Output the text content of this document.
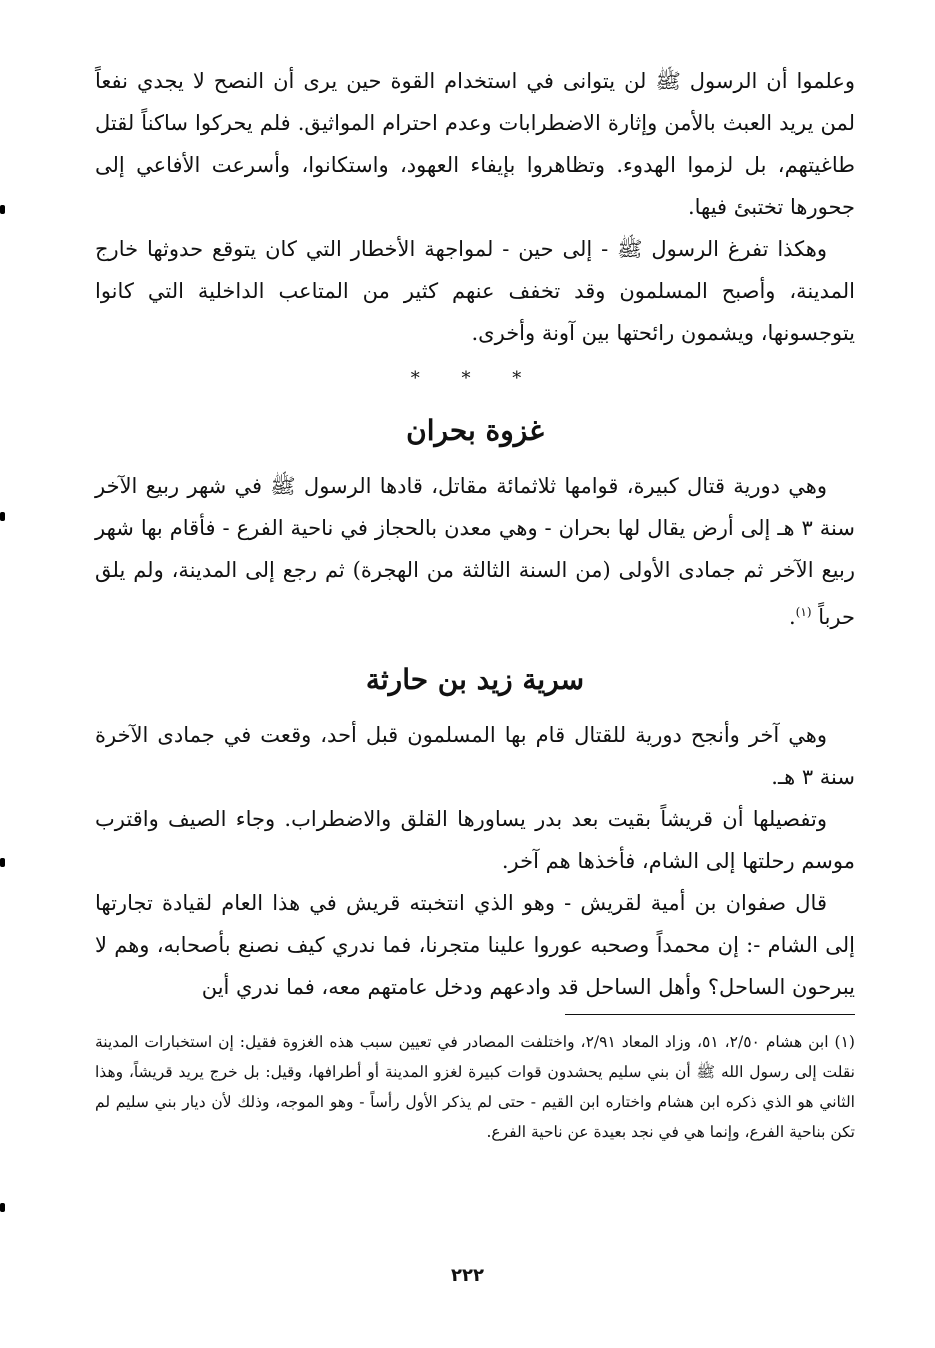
وعلموا أن الرسول ﷺ لن يتوانى في استخدام القوة حين يرى أن النصح لا يجدي نفعاً لمن يريد العبث بالأمن وإثارة الاضطرابات وعدم احترام المواثيق. فلم يحركوا ساكناً لقتل طاغيتهم، بل لزموا الهدوء. وتظاهروا بإيفاء العهود، واستكانوا، وأسرعت الأفاعي إلى جحورها تختبئ فيها.

وهكذا تفرغ الرسول ﷺ - إلى حين - لمواجهة الأخطار التي كان يتوقع حدوثها خارج المدينة، وأصبح المسلمون وقد تخفف عنهم كثير من المتاعب الداخلية التي كانوا يتوجسونها، ويشمون رائحتها بين آونة وأخرى.

* * *
غزوة بحران

وهي دورية قتال كبيرة، قوامها ثلاثمائة مقاتل، قادها الرسول ﷺ في شهر ربيع الآخر سنة ٣ هـ إلى أرض يقال لها بحران - وهي معدن بالحجاز في ناحية الفرع - فأقام بها شهر ربيع الآخر ثم جمادى الأولى (من السنة الثالثة من الهجرة) ثم رجع إلى المدينة، ولم يلق حرباً $^{(١)}$.

سرية زيد بن حارثة

وهي آخر وأنجح دورية للقتال قام بها المسلمون قبل أحد، وقعت في جمادى الآخرة سنة ٣ هـ.

وتفصيلها أن قريشاً بقيت بعد بدر يساورها القلق والاضطراب. وجاء الصيف واقترب موسم رحلتها إلى الشام، فأخذها هم آخر.

قال صفوان بن أمية لقريش - وهو الذي انتخبته قريش في هذا العام لقيادة تجارتها إلى الشام -: إن محمداً وصحبه عوروا علينا متجرنا، فما ندري كيف نصنع بأصحابه، وهم لا يبرحون الساحل؟ وأهل الساحل قد وادعهم ودخل عامتهم معه، فما ندري أين

(١) ابن هشام ٢/٥٠، ٥١، وزاد المعاد ٢/٩١، واختلفت المصادر في تعيين سبب هذه الغزوة فقيل: إن استخبارات المدينة نقلت إلى رسول الله ﷺ أن بني سليم يحشدون قوات كبيرة لغزو المدينة أو أطرافها، وقيل: بل خرج يريد قريشاً، وهذا الثاني هو الذي ذكره ابن هشام واختاره ابن القيم - حتى لم يذكر الأول رأساً - وهو الموجه، وذلك لأن ديار بني سليم لم تكن بناحية الفرع، وإنما هي في نجد بعيدة عن ناحية الفرع.

٢٢٢
